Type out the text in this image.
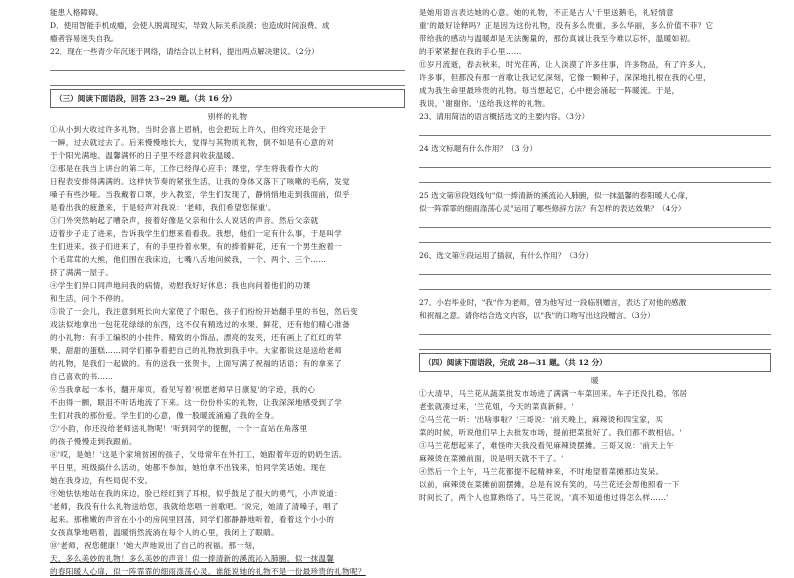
能患人格障碍。
D．使用智能手机成瘾，会使人脱离现实，导致人际关系淡漠；也造成时间浪费、成
瘾者容易迷失自我。
22．现在一些青少年沉迷于网络，请结合以上材料，提出两点解决建议。（2分）
（三）阅读下面语段，回答 23~29 题。（共 16 分）
别样的礼物
①从小到大收过许多礼物，当时会喜上眉梢，也会把玩上许久，但终究还是会于
一瞬，过去就过去了。后来慢慢地长大，觉得与其物质礼物，倒不如是有心意的对
于个阳光满地、温馨满怀的日子里不经意间收获温暖。
②那是在我当上讲台的第二年，工作已经得心应手；课堂，学生将我看作大的
日程表安排得满满的。这样快节奏的紧张生活，让我的身体又落下了咳嗽的毛病，发觉
嗓子有些沙哑。当我戴着口罩，步入教室，学生们发现了，静悄悄地走到我面前，似乎
是看出我的疲惫来，于是轻声对我说：'老师，我们希望您保重'。
③门外突然响起了嘈杂声，接着好像是父亲和什么人说话的声音。然后父亲就
迈着步子走了进来，告诉我学生们想来看看我。我想，他们一定有什么事，于是叫学
生们进来。孩子们进来了，有的手里拎着水果，有的捧着鲜花，还有一个男生抱着一
个毛茸茸的大熊，他们围在我床边，七嘴八舌地问候我，一个、两个、三个……
挤了满满一屋子。
④学生们异口同声地问我的病情，劝慰我好好休息；我也向问着他们的功课
和生活，问个不停的。
⑤说了一会儿，我注意到班长向大家使了个眼色，孩子们纷纷开始翻手里的书包，然后变
戏法似地拿出一包花花绿绿的东西，这不仅有精选过的水果、鲜花，还有他们精心准备
的小礼物：有手工编织的小挂件、精致的小饰品、漂亮的发夹，还有画上了红红的苹
果、甜甜的蛋糕……同学们都争着把自己的礼物放到我手中。大家都说这是送给老师
的礼物，是我们一起做的。有的送我一张贺卡，上面写满了祝福的话语；有的拿来了
自己喜欢的书……
⑥当我拿起一本书，翻开扉页，看见写着'祝愿老师早日康复'的字迹，我的心
不由得一颤，眼泪不听话地流了下来。这一份份朴实的礼物，让我深深地感受到了学
生们对我的那份爱。学生们的心意，像一股暖流涌遍了我的全身。
⑦'小韵，你还没给老师送礼物呢！'听到同学的提醒，一个一直站在角落里
的孩子慢慢走到我跟前。
⑧'哎，是她！'这是个家境贫困的孩子，父母常年在外打工，她跟着年迈的奶奶生活。
平日里，班级搞什么活动，她都不参加，她怕拿不出钱来，怕同学笑话她。现在
她在我身边，有些局促不安。
⑨她怯怯地站在我的床边，脸已经红到了耳根，似乎鼓足了很大的勇气，小声说道：
'老师，我没有什么礼物送给您，我就给您唱一首歌吧。'说完，她清了清嗓子，唱了
起来。那稚嫩的声音在小小的房间里回荡，同学们都静静地听着，看着这个小小的
女孩真挚地唱着，温暖悄然流淌在每个人的心里，我闭上了眼睛。
⑩'老师，祝您健康！'她大声地说出了自己的祝福。那一刻，
天，多么美妙的礼物！多么美妙的声音！似一捧清新的溪流沁入肺腑，似一抹温馨
的春阳暖人心扉，似一阵霏霏的细雨涤荡心灵。谁能说她的礼物不是一份最珍贵的礼物呢？
是她用语言表达她的心意。她的礼物，不正是古人'千里送鹅毛，礼轻情意
重'的最好诠释吗？正是因为这份礼物，没有多么贵重，多么华丽，多么价值不菲？它
带给我的感动与温暖却是无法衡量的，那份真诚让我至今难以忘怀，温暖如初。
的手紧紧握在我的手心里……
⑪岁月流逝，春去秋来，时光荏苒，让人淡漠了许多往事，许多物品，有了许多人，
许多事，但都没有那一首歌让我记忆深刻，它像一颗种子，深深地扎根在我的心里，
成为我生命里最珍贵的礼物。每当想起它，心中便会涌起一阵暖流。于是，
我说，'谢谢你。'送给我这样的礼物。
23、请用简洁的语言概括选文的主要内容。（3分）
24 选文标题有什么作用？（3 分）
25 选文第⑩段划线句"似一捧清新的溪流沁入肺腑，似一抹温馨的春阳暖人心扉，
似一阵霏霏的细雨涤荡心灵"运用了哪些修辞方法？有怎样的表达效果？（4分）
26、选文第⑨段运用了插叙，有什么作用？（3分）
27、小岩毕业时，"我"作为老师，曾为他写过一段临别赠言，表达了对他的感激
和祝福之意。请你结合选文内容，以"我"的口吻写出这段赠言。（3分）
（四）阅读下面语段，完成 28—31 题。（共 12 分）
暖
①大清早，马兰花从蔬菜批发市场进了满满一车菜回来。车子还没扎稳，邻居
老张就凑过来，'兰花姐，今天的菜真新鲜。'
②马兰花一听：'出啥事啦？'三哥说：'前天晚上，麻辣烫和四宝家，买
菜的时候，听说他们早上去批发市场，提前把菜批好了。我们都不敢相信。'
③马兰花想起来了，难怪昨天我没看见麻辣烫摆摊。三哥又说：'前天上午
麻辣烫在菜摊前面，说是明天就不干了。'
④然后一个上午，马兰花都提不起精神来，不时地望着菜摊那边发呆。
以前，麻辣烫在菜摊前面摆摊，总是有说有笑的，马兰花还会帮他照看一下
时间长了，两个人也算熟络了。马兰花说，'真不知道他过得怎么样……'
